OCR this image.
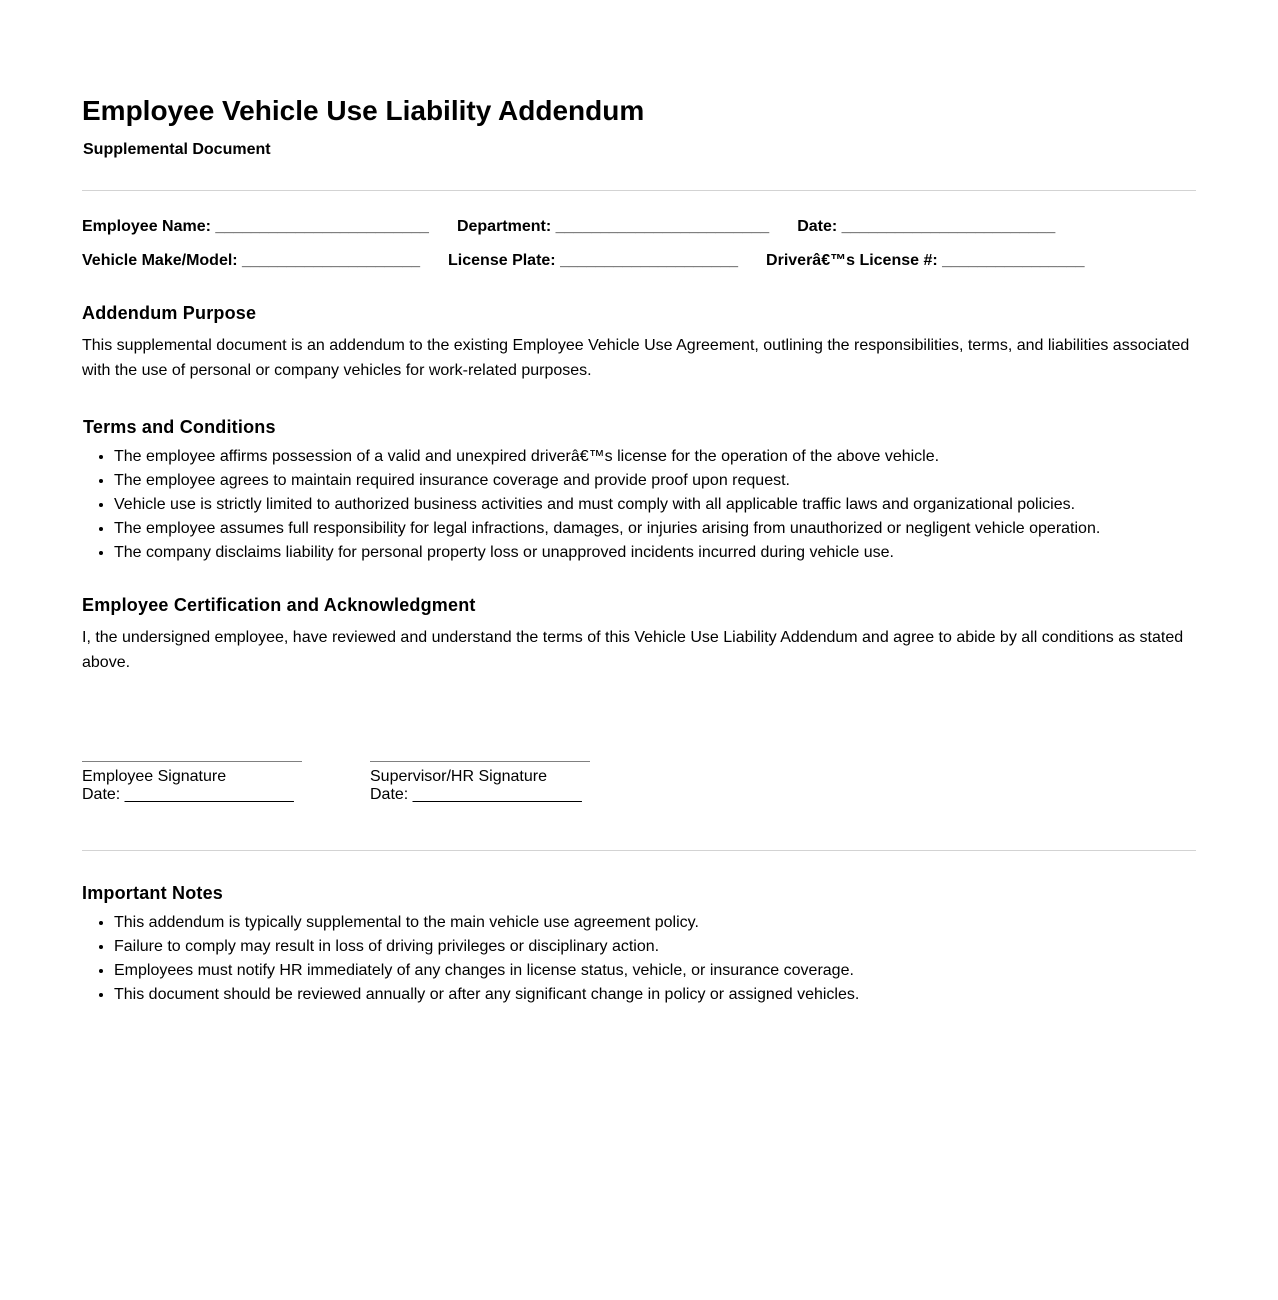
Employee Vehicle Use Liability Addendum
Supplemental Document
Employee Name: ________________________ Department: ________________________ Date: ________________________
Vehicle Make/Model: ____________________ License Plate: ____________________ Driverâ€™s License #: ________________
Addendum Purpose

This supplemental document is an addendum to the existing Employee Vehicle Use Agreement, outlining the responsibilities, terms, and liabilities associated with the use of personal or company vehicles for work-related purposes.

Terms and Conditions
• The employee affirms possession of a valid and unexpired driverâ€™s license for the operation of the above vehicle.
• The employee agrees to maintain required insurance coverage and provide proof upon request.
• Vehicle use is strictly limited to authorized business activities and must comply with all applicable traffic laws and organizational policies.
• The employee assumes full responsibility for legal infractions, damages, or injuries arising from unauthorized or negligent vehicle operation.
• The company disclaims liability for personal property loss or unapproved incidents incurred during vehicle use.
Employee Certification and Acknowledgment

I, the undersigned employee, have reviewed and understand the terms of this Vehicle Use Liability Addendum and agree to abide by all conditions as stated above.

Employee Signature
Date: ___________________
Supervisor/HR Signature
Date: ___________________
Important Notes
• This addendum is typically supplemental to the main vehicle use agreement policy.
• Failure to comply may result in loss of driving privileges or disciplinary action.
• Employees must notify HR immediately of any changes in license status, vehicle, or insurance coverage.
• This document should be reviewed annually or after any significant change in policy or assigned vehicles.
